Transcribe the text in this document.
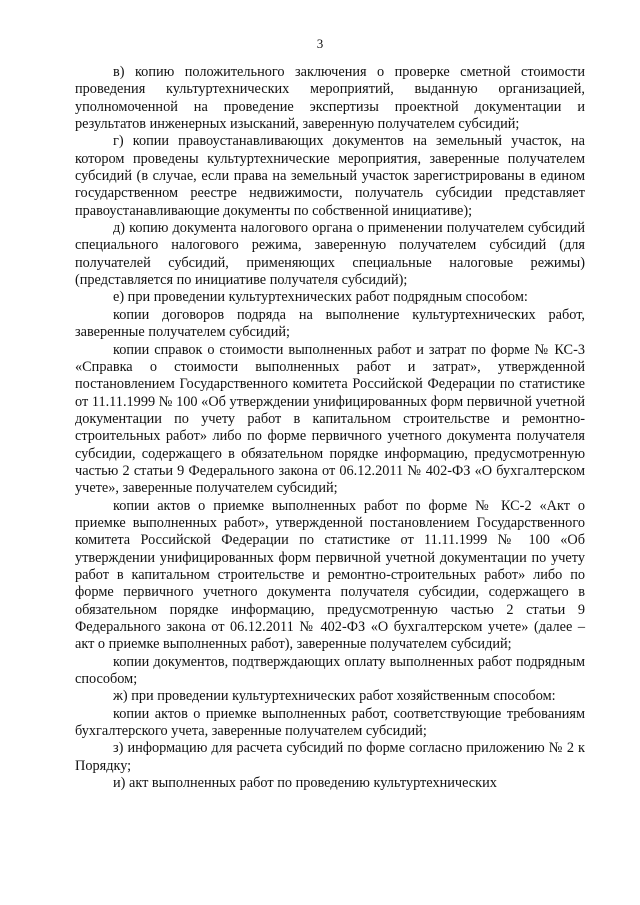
3

в) копию положительного заключения о проверке сметной стоимости проведения культуртехнических мероприятий, выданную организацией, уполномоченной на проведение экспертизы проектной документации и результатов инженерных изысканий, заверенную получателем субсидий;

г) копии правоустанавливающих документов на земельный участок, на котором проведены культуртехнические мероприятия, заверенные получателем субсидий (в случае, если права на земельный участок зарегистрированы в едином государственном реестре недвижимости, получатель субсидии представляет правоустанавливающие документы по собственной инициативе);

д) копию документа налогового органа о применении получателем субсидий специального налогового режима, заверенную получателем субсидий (для получателей субсидий, применяющих специальные налоговые режимы) (представляется по инициативе получателя субсидий);

е) при проведении культуртехнических работ подрядным способом:

копии договоров подряда на выполнение культуртехнических работ, заверенные получателем субсидий;

копии справок о стоимости выполненных работ и затрат по форме № КС-3 «Справка о стоимости выполненных работ и затрат», утвержденной постановлением Государственного комитета Российской Федерации по статистике от 11.11.1999 № 100 «Об утверждении унифицированных форм первичной учетной документации по учету работ в капитальном строительстве и ремонтно-строительных работ» либо по форме первичного учетного документа получателя субсидии, содержащего в обязательном порядке информацию, предусмотренную частью 2 статьи 9 Федерального закона от 06.12.2011 № 402-ФЗ «О бухгалтерском учете», заверенные получателем субсидий;

копии актов о приемке выполненных работ по форме № КС-2 «Акт о приемке выполненных работ», утвержденной постановлением Государственного комитета Российской Федерации по статистике от 11.11.1999 № 100 «Об утверждении унифицированных форм первичной учетной документации по учету работ в капитальном строительстве и ремонтно-строительных работ» либо по форме первичного учетного документа получателя субсидии, содержащего в обязательном порядке информацию, предусмотренную частью 2 статьи 9 Федерального закона от 06.12.2011 № 402-ФЗ «О бухгалтерском учете» (далее – акт о приемке выполненных работ), заверенные получателем субсидий;

копии документов, подтверждающих оплату выполненных работ подрядным способом;

ж) при проведении культуртехнических работ хозяйственным способом:

копии актов о приемке выполненных работ, соответствующие требованиям бухгалтерского учета, заверенные получателем субсидий;

з) информацию для расчета субсидий по форме согласно приложению № 2 к Порядку;

и) акт выполненных работ по проведению культуртехнических
